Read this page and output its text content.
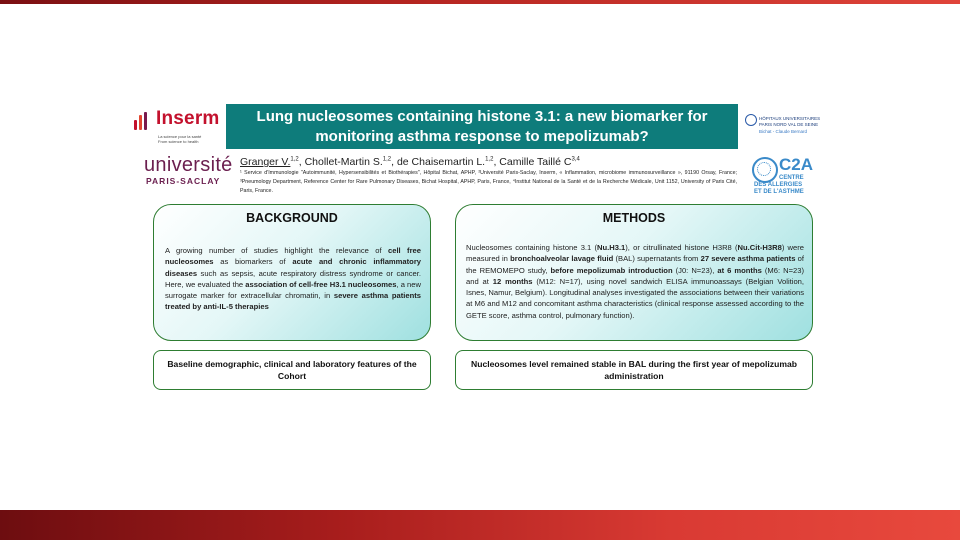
Inserm
La science pour la santé
From science to health
université
PARIS-SACLAY
Lung nucleosomes containing histone 3.1: a new biomarker for monitoring asthma response to mepolizumab?
HÔPITAUX UNIVERSITAIRES
PARIS NORD VAL DE SEINE
Bichat - Claude Bernard
C2A
CENTRE
DES ALLERGIES
ET DE L'ASTHME
Granger V.$^{1,2}$, Chollet-Martin S.$^{1,2}$, de Chaisemartin L.$^{1,2}$, Camille Taillé C$^{3,4}$
¹ Service d'Immunologie "Autoimmunité, Hypersensibilités et Biothérapies", Hôpital Bichat, APHP, ²Université Paris-Saclay, Inserm, « Inflammation, microbiome immunosurveillance », 91190 Orsay, France; ³Pneumology Department, Reference Center for Rare Pulmonary Diseases, Bichat Hospital, APHP, Paris, France, ⁴Institut National de la Santé et de la Recherche Médicale, Unit 1152, University of Paris Cité, Paris, France.
BACKGROUND
A growing number of studies highlight the relevance of cell free nucleosomes as biomarkers of acute and chronic inflammatory diseases such as sepsis, acute respiratory distress syndrome or cancer. Here, we evaluated the association of cell-free H3.1 nucleosomes, a new surrogate marker for extracellular chromatin, in severe asthma patients treated by anti-IL-5 therapies
METHODS
Nucleosomes containing histone 3.1 (Nu.H3.1), or citrullinated histone H3R8 (Nu.Cit-H3R8) were measured in bronchoalveolar lavage fluid (BAL) supernatants from 27 severe asthma patients of the REMOMEPO study, before mepolizumab introduction (J0: N=23), at 6 months (M6: N=23) and at 12 months (M12: N=17), using novel sandwich ELISA immunoassays (Belgian Volition, Isnes, Namur, Belgium). Longitudinal analyses investigated the associations between their variations at M6 and M12 and concomitant asthma characteristics (clinical response assessed according to the GETE score, asthma control, pulmonary function).
Baseline demographic, clinical and laboratory features of the Cohort
Nucleosomes level remained stable in BAL during the first year of mepolizumab administration
